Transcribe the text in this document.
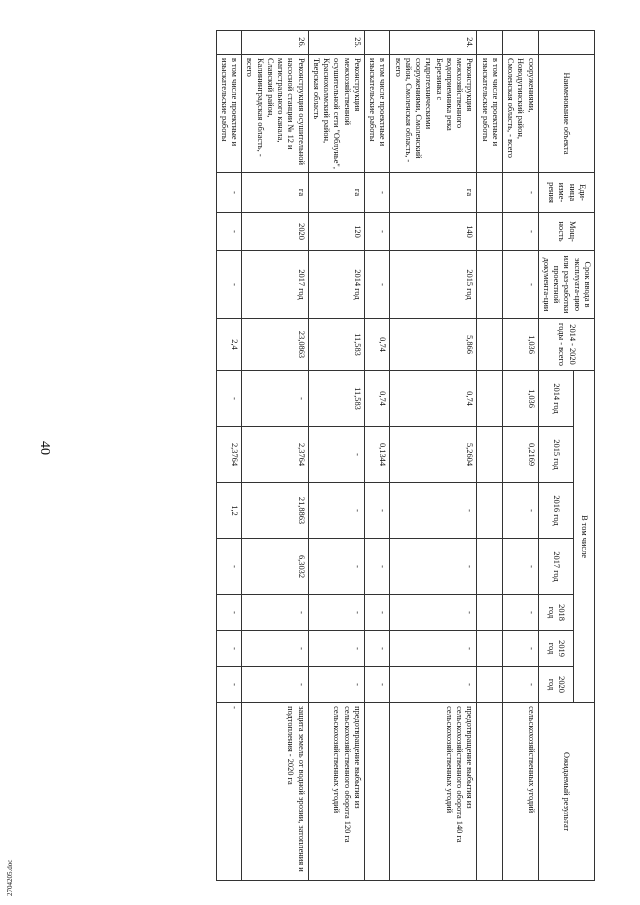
40
2704205.doc
	Наименование объекта	Еди-ница изме-рения	Мощ-ность	Срок ввода в эксплуата-цию или раз-работки проектной документа-ции	2014 - 2020 годы - всего	В том числе							Ожидаемый результат
						2014 год	2015 год	2016 год	2017 год	2018 год	2019 год	2020 год	
	сооружениями, Новодугинский район, Смоленская область, - всего	-	-	-	1,036	1,036	0,2169	-	-	-	-	-	сельскохозяйственных угодий
	в том числе проектные и изыскательские работы												
24.	Реконструкция межхозяйственного водоприемника река Березинка с гидротехническими сооружениями, Смоленский район, Смоленская область, - всего	га	140	2015 год	5,866	0,74	5,2604	-	-	-	-	-	предотвращение выбытия из сельскохозяйственного оборота 140 га сельскохозяйственных угодий
	в том числе проектные и изыскательские работы	-	-	-	0,74	0,74	0,1344	-	-	-	-	-	
25.	Реконструкция межхозяйственной осушительной сети "Облунье", Краснохолмский район, Тверская область	га	120	2014 год	11,583	11,583	-	-	-	-	-	-	предотвращение выбытия из сельскохозяйственного оборота 120 га сельскохозяйственных угодий
26.	Реконструкция осушительной насосной станции № 12 и магистрального канала, Славский район, Калининградская область, - всего	га	2020	2017 год	23,0863	-	2,3764	21,8863	6,3032	-	-	-	защита земель от водной эрозии, затопления и подтопления - 2020 га
	в том числе проектные и изыскательские работы	-	-	-	2,4	-	2,3764	1,2	-	-	-	-	-
